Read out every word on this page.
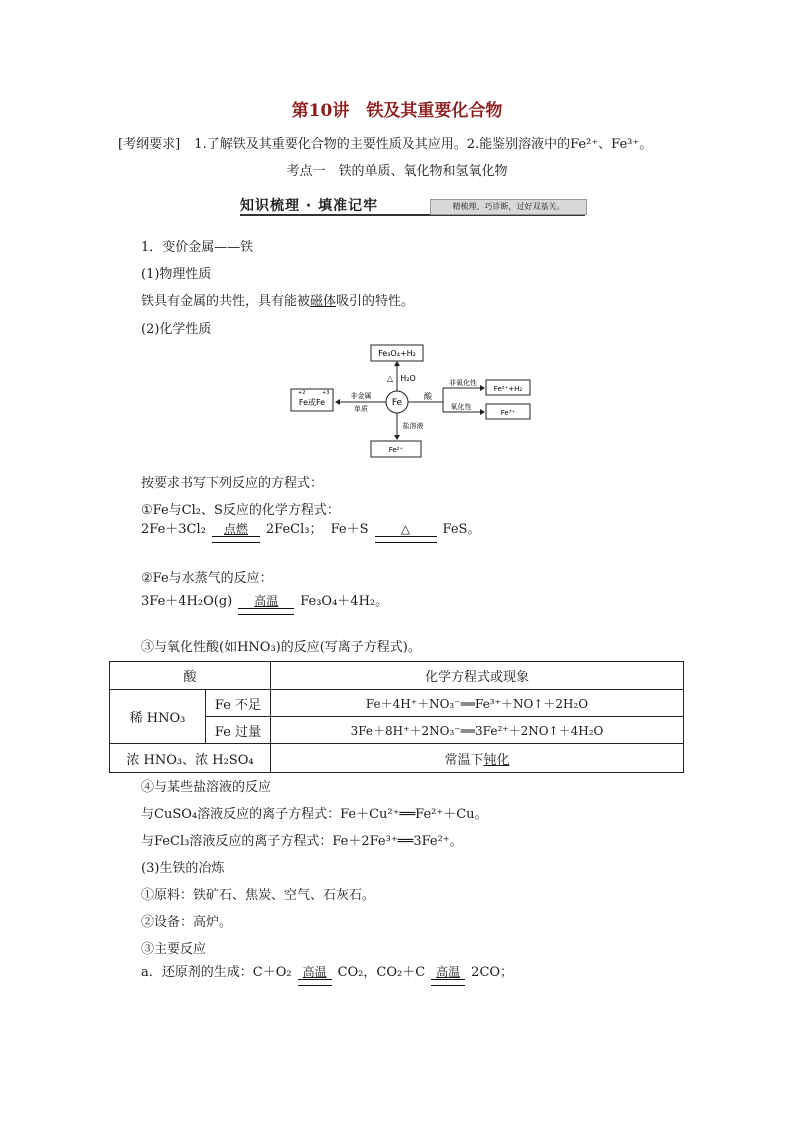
第10讲　铁及其重要化合物
[考纲要求] 1.了解铁及其重要化合物的主要性质及其应用。2.能鉴别溶液中的Fe²⁺、Fe³⁺。
考点一　铁的单质、氧化物和氢氧化物
知识梳理 · 填准记牢	精梳理、巧诊断，过好双基关。
1．变价金属——铁
(1)物理性质
铁具有金属的共性，具有能被磁体吸引的特性。
(2)化学性质
Fe₃O₄+H₂
△ H₂O
Fe
+2	+3
Fe或Fe
非金属
单质
酸
非氧化性
氧化性
Fe²⁺+H₂
Fe³⁺
盐溶液
Fe²⁺
按要求书写下列反应的方程式：
①Fe与Cl₂、S反应的化学方程式：
2Fe＋3Cl₂	点燃	2FeCl₃； Fe＋S	△	FeS。
②Fe与水蒸气的反应：
3Fe＋4H₂O(g)	高温	Fe₃O₄＋4H₂。
③与氧化性酸(如HNO₃)的反应(写离子方程式)。
酸		化学方程式或现象
稀 HNO₃	Fe 不足	Fe＋4H⁺＋NO₃⁻══Fe³⁺＋NO↑＋2H₂O
	Fe 过量	3Fe＋8H⁺＋2NO₃⁻══3Fe²⁺＋2NO↑＋4H₂O
浓 HNO₃、浓 H₂SO₄		常温下钝化
④与某些盐溶液的反应
与CuSO₄溶液反应的离子方程式：Fe＋Cu²⁺══Fe²⁺＋Cu。
与FeCl₃溶液反应的离子方程式：Fe＋2Fe³⁺══3Fe²⁺。
(3)生铁的冶炼
①原料：铁矿石、焦炭、空气、石灰石。
②设备：高炉。
③主要反应
a．还原剂的生成：C＋O₂ 高温 CO₂，CO₂＋C 高温 2CO；
